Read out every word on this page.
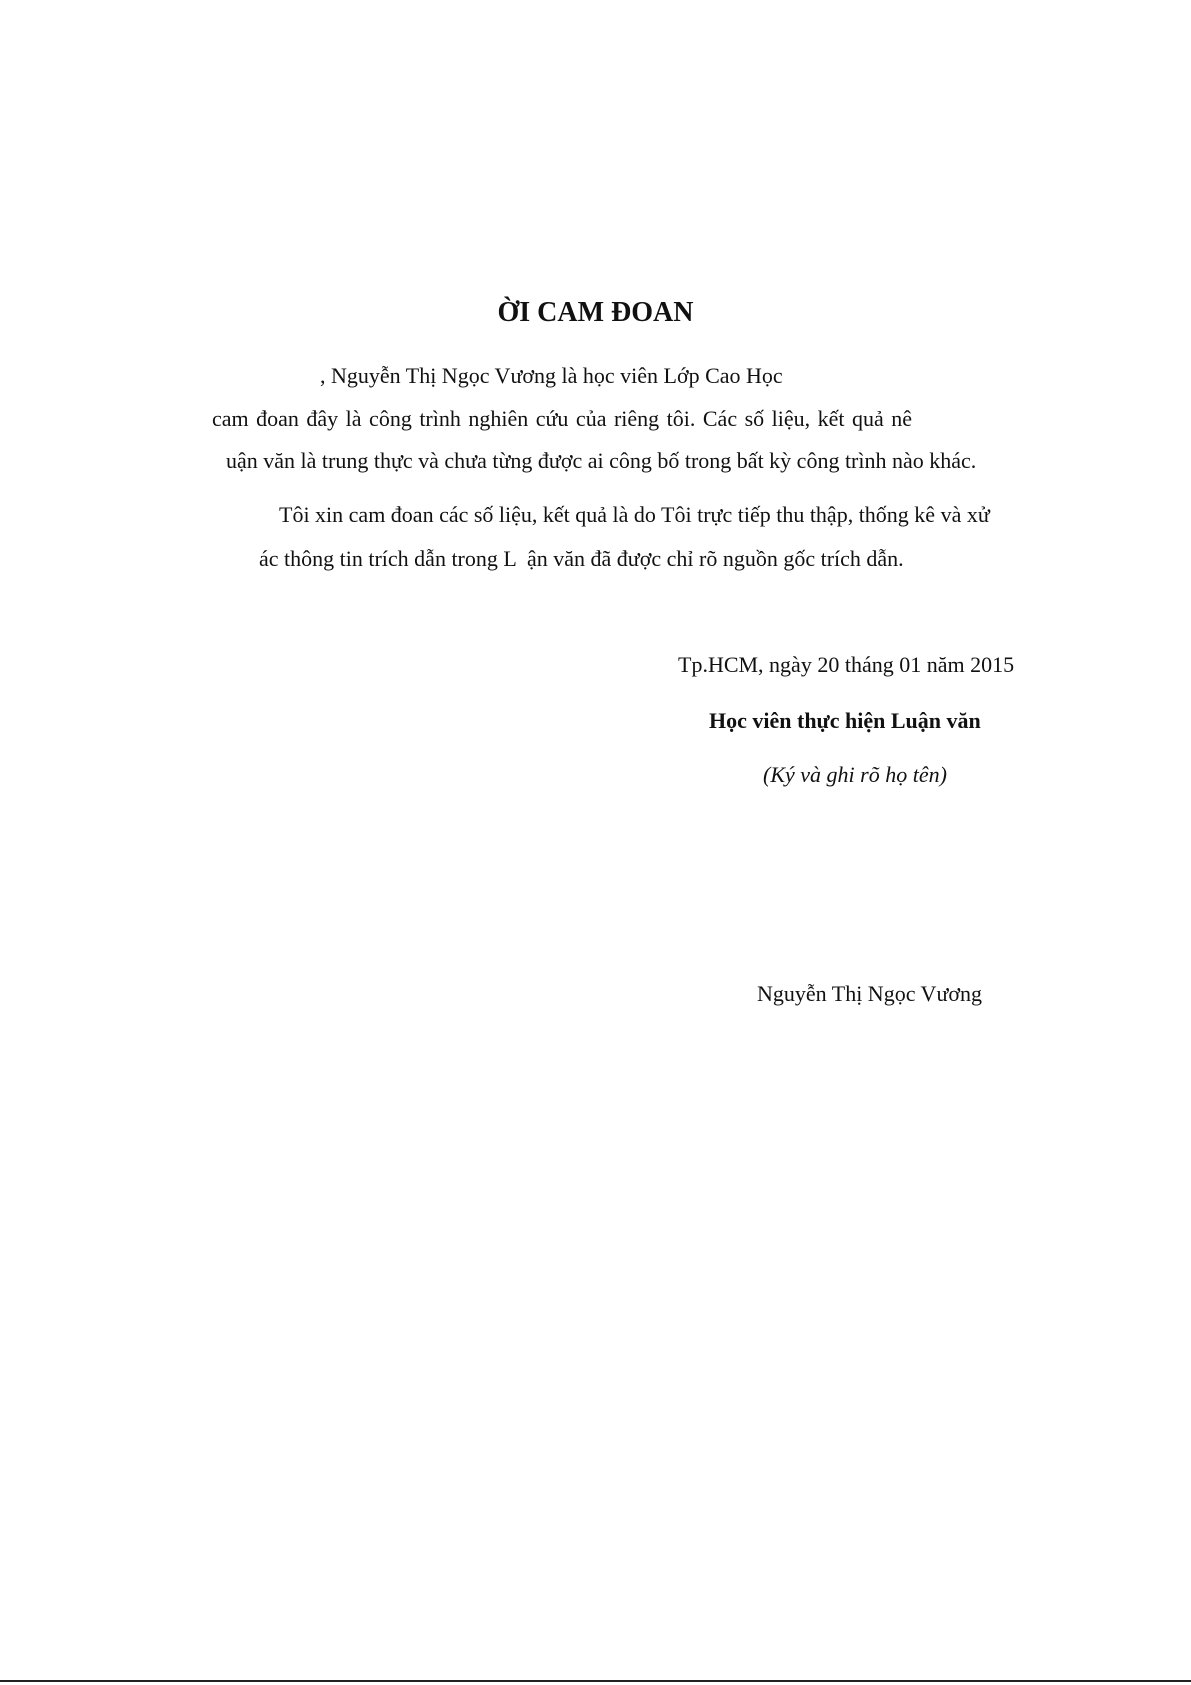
ỜI CAM ĐOAN
, Nguyễn Thị Ngọc Vương là học viên Lớp Cao Học
cam đoan đây là công trình nghiên cứu của riêng tôi. Các số liệu, kết quả nê
uận văn là trung thực và chưa từng được ai công bố trong bất kỳ công trình nào khác.
Tôi xin cam đoan các số liệu, kết quả là do Tôi trực tiếp thu thập, thống kê và xử
ác thông tin trích dẫn trong L  ận văn đã được chỉ rõ nguồn gốc trích dẫn.
Tp.HCM, ngày 20 tháng 01 năm 2015
Học viên thực hiện Luận văn
(Ký và ghi rõ họ tên)
Nguyễn Thị Ngọc Vương
